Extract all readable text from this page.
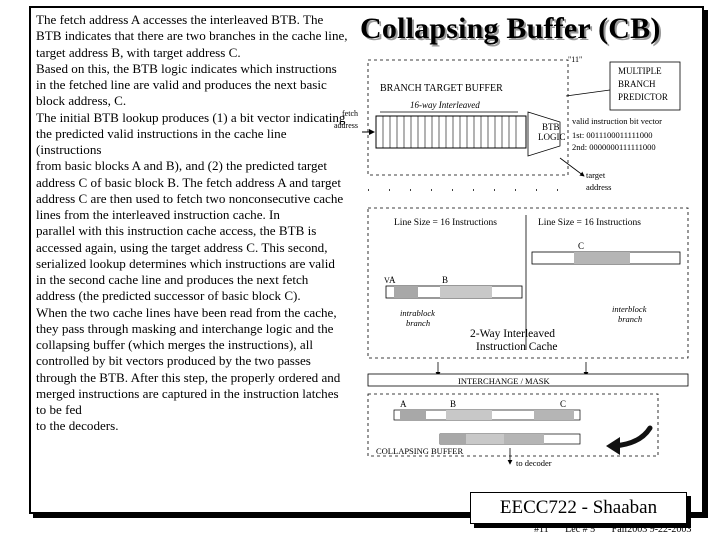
The fetch address A accesses the interleaved BTB. The BTB indicates that there are two branches in the cache line, target address B, with target address C.
Based on this, the BTB logic indicates which instructions in the fetched line are valid and produces the next basic block address, C.
The initial BTB lookup produces (1) a bit vector indicating the predicted valid instructions in the cache line (instructions
from basic blocks A and B), and (2) the predicted target address C of basic block B. The fetch address A and target address C are then used to fetch two nonconsecutive cache lines from the interleaved instruction cache. In
parallel with this instruction cache access, the BTB is accessed again, using the target address C. This second, serialized lookup determines which instructions are valid in the second cache line and produces the next fetch address (the predicted successor of basic block C).
When the two cache lines have been read from the cache, they pass through masking and interchange logic and the collapsing buffer (which merges the instructions), all controlled by bit vectors produced by the two passes through the BTB. After this step, the properly ordered and merged instructions are captured in the instruction latches to be fed
to the decoders.
Collapsing Buffer (CB)
BRANCH TARGET BUFFER
16-way Interleaved
fetch
address	BTB
LOGIC
MULTIPLE
BRANCH
PREDICTOR
"11"
valid instruction bit vector
1st: 0011100011111000
2nd: 0000000111111000
target
address
Line Size = 16 Instructions	Line Size = 16 Instructions
A	B
C
V
intrablock
branch
interblock
branch
2-Way Interleaved
Instruction Cache
INTERCHANGE / MASK
A	B	C
COLLAPSING BUFFER
to decoder
EECC722 - Shaaban
#11 Lec # 5 Fall2003 9-22-2003
